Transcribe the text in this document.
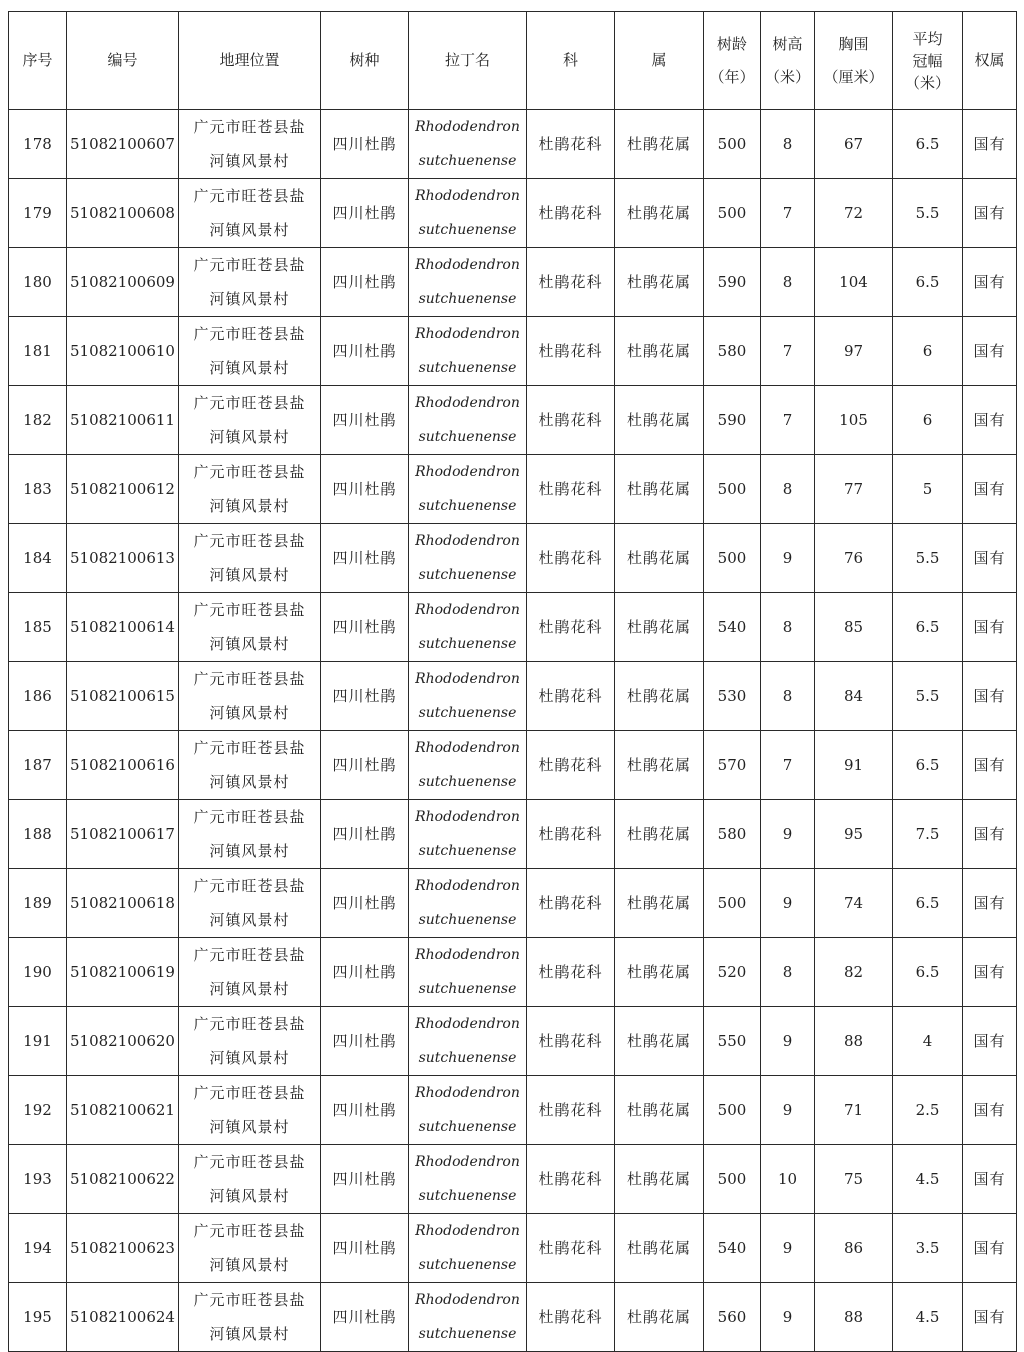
序号	编号	地理位置	树种	拉丁名	科	属	树龄
（年）	树高
（米）	胸围
（厘米）	平均
冠幅
（米）	权属
178	51082100607	广元市旺苍县盐
河镇风景村	四川杜鹃	Rhododendron
sutchuenense	杜鹃花科	杜鹃花属	500	8	67	6.5	国有
179	51082100608	广元市旺苍县盐
河镇风景村	四川杜鹃	Rhododendron
sutchuenense	杜鹃花科	杜鹃花属	500	7	72	5.5	国有
180	51082100609	广元市旺苍县盐
河镇风景村	四川杜鹃	Rhododendron
sutchuenense	杜鹃花科	杜鹃花属	590	8	104	6.5	国有
181	51082100610	广元市旺苍县盐
河镇风景村	四川杜鹃	Rhododendron
sutchuenense	杜鹃花科	杜鹃花属	580	7	97	6	国有
182	51082100611	广元市旺苍县盐
河镇风景村	四川杜鹃	Rhododendron
sutchuenense	杜鹃花科	杜鹃花属	590	7	105	6	国有
183	51082100612	广元市旺苍县盐
河镇风景村	四川杜鹃	Rhododendron
sutchuenense	杜鹃花科	杜鹃花属	500	8	77	5	国有
184	51082100613	广元市旺苍县盐
河镇风景村	四川杜鹃	Rhododendron
sutchuenense	杜鹃花科	杜鹃花属	500	9	76	5.5	国有
185	51082100614	广元市旺苍县盐
河镇风景村	四川杜鹃	Rhododendron
sutchuenense	杜鹃花科	杜鹃花属	540	8	85	6.5	国有
186	51082100615	广元市旺苍县盐
河镇风景村	四川杜鹃	Rhododendron
sutchuenense	杜鹃花科	杜鹃花属	530	8	84	5.5	国有
187	51082100616	广元市旺苍县盐
河镇风景村	四川杜鹃	Rhododendron
sutchuenense	杜鹃花科	杜鹃花属	570	7	91	6.5	国有
188	51082100617	广元市旺苍县盐
河镇风景村	四川杜鹃	Rhododendron
sutchuenense	杜鹃花科	杜鹃花属	580	9	95	7.5	国有
189	51082100618	广元市旺苍县盐
河镇风景村	四川杜鹃	Rhododendron
sutchuenense	杜鹃花科	杜鹃花属	500	9	74	6.5	国有
190	51082100619	广元市旺苍县盐
河镇风景村	四川杜鹃	Rhododendron
sutchuenense	杜鹃花科	杜鹃花属	520	8	82	6.5	国有
191	51082100620	广元市旺苍县盐
河镇风景村	四川杜鹃	Rhododendron
sutchuenense	杜鹃花科	杜鹃花属	550	9	88	4	国有
192	51082100621	广元市旺苍县盐
河镇风景村	四川杜鹃	Rhododendron
sutchuenense	杜鹃花科	杜鹃花属	500	9	71	2.5	国有
193	51082100622	广元市旺苍县盐
河镇风景村	四川杜鹃	Rhododendron
sutchuenense	杜鹃花科	杜鹃花属	500	10	75	4.5	国有
194	51082100623	广元市旺苍县盐
河镇风景村	四川杜鹃	Rhododendron
sutchuenense	杜鹃花科	杜鹃花属	540	9	86	3.5	国有
195	51082100624	广元市旺苍县盐
河镇风景村	四川杜鹃	Rhododendron
sutchuenense	杜鹃花科	杜鹃花属	560	9	88	4.5	国有
